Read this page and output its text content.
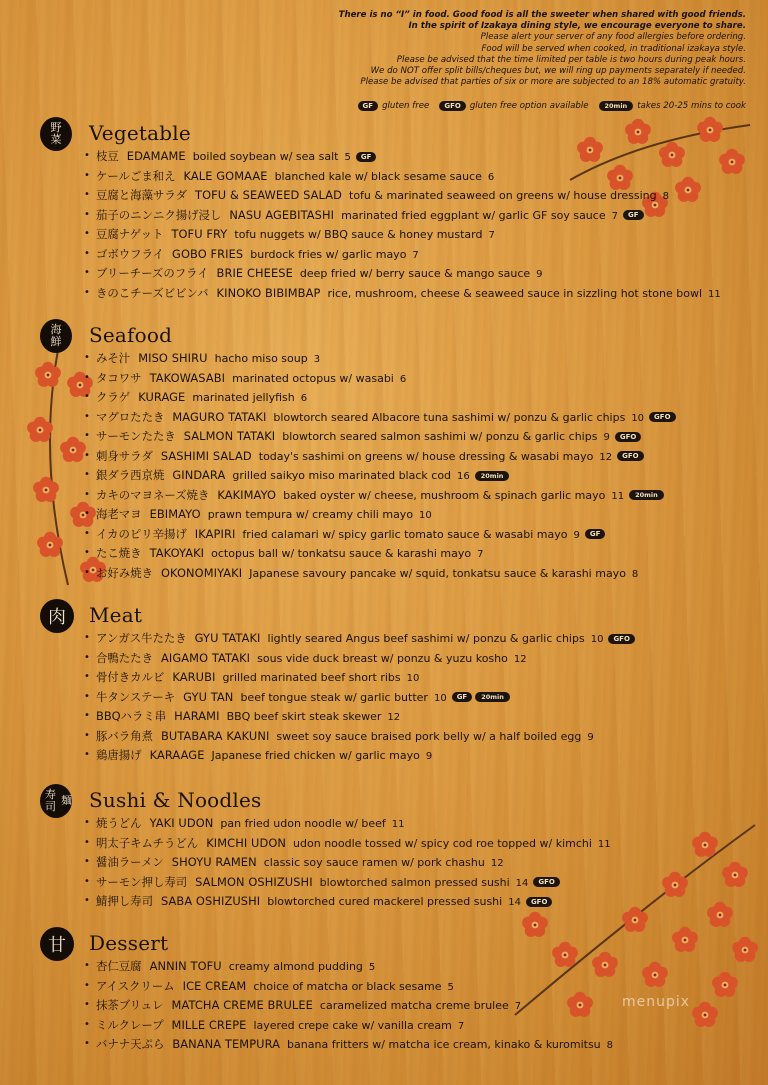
There is no “I” in food. Good food is all the sweeter when shared with good friends.
In the spirit of Izakaya dining style, we encourage everyone to share.
Please alert your server of any food allergies before ordering.
Food will be served when cooked, in traditional izakaya style.
Please be advised that the time limited per table is two hours during peak hours.
We do NOT offer split bills/cheques but, we will ring up payments separately if needed.
Please be advised that parties of six or more are subjected to an 18% automatic gratuity.
GF	gluten free	GFO	gluten free option available	20min	takes 20-25 mins to cook
野
菜 Vegetable
• 枝豆 EDAMAME boiled soybean w/ sea salt 5 GF
• ケールごま和え KALE GOMAAE blanched kale w/ black sesame sauce 6
• 豆腐と海藻サラダ TOFU & SEAWEED SALAD tofu & marinated seaweed on greens w/ house dressing 8
• 茄子のニンニク揚げ浸し NASU AGEBITASHI marinated fried eggplant w/ garlic GF soy sauce 7 GF
• 豆腐ナゲット TOFU FRY tofu nuggets w/ BBQ sauce & honey mustard 7
• ゴボウフライ GOBO FRIES burdock fries w/ garlic mayo 7
• ブリーチーズのフライ BRIE CHEESE deep fried w/ berry sauce & mango sauce 9
• きのこチーズビビンバ KINOKO BIBIMBAP rice, mushroom, cheese & seaweed sauce in sizzling hot stone bowl 11
海
鮮 Seafood
• みそ汁 MISO SHIRU hacho miso soup 3
• タコワサ TAKOWASABI marinated octopus w/ wasabi 6
• クラゲ KURAGE marinated jellyfish 6
• マグロたたき MAGURO TATAKI blowtorch seared Albacore tuna sashimi w/ ponzu & garlic chips 10 GFO
• サーモンたたき SALMON TATAKI blowtorch seared salmon sashimi w/ ponzu & garlic chips 9 GFO
• 刺身サラダ SASHIMI SALAD today's sashimi on greens w/ house dressing & wasabi mayo 12 GFO
• 銀ダラ西京焼 GINDARA grilled saikyo miso marinated black cod 16 20min
• カキのマヨネーズ焼き KAKIMAYO baked oyster w/ cheese, mushroom & spinach garlic mayo 11 20min
• 海老マヨ EBIMAYO prawn tempura w/ creamy chili mayo 10
• イカのピリ辛揚げ IKAPIRI fried calamari w/ spicy garlic tomato sauce & wasabi mayo 9 GF
• たこ焼き TAKOYAKI octopus ball w/ tonkatsu sauce & karashi mayo 7
• お好み焼き OKONOMIYAKI Japanese savoury pancake w/ squid, tonkatsu sauce & karashi mayo 8
肉	Meat
• アンガス牛たたき GYU TATAKI lightly seared Angus beef sashimi w/ ponzu & garlic chips 10 GFO
• 合鴨たたき AIGAMO TATAKI sous vide duck breast w/ ponzu & yuzu kosho 12
• 骨付きカルビ KARUBI grilled marinated beef short ribs 10
• 牛タンステーキ GYU TAN beef tongue steak w/ garlic butter 10 GF 20min
• BBQハラミ串 HARAMI BBQ beef skirt steak skewer 12
• 豚バラ角煮 BUTABARA KAKUNI sweet soy sauce braised pork belly w/ a half boiled egg 9
• 鶏唐揚げ KARAAGE Japanese fried chicken w/ garlic mayo 9
寿司 麺 Sushi & Noodles
• 焼うどん YAKI UDON pan fried udon noodle w/ beef 11
• 明太子キムチうどん KIMCHI UDON udon noodle tossed w/ spicy cod roe topped w/ kimchi 11
• 醤油ラーメン SHOYU RAMEN classic soy sauce ramen w/ pork chashu 12
• サーモン押し寿司 SALMON OSHIZUSHI blowtorched salmon pressed sushi 14 GFO
• 鯖押し寿司 SABA OSHIZUSHI blowtorched cured mackerel pressed sushi 14 GFO
甘	Dessert
• 杏仁豆腐 ANNIN TOFU creamy almond pudding 5
• アイスクリーム ICE CREAM choice of matcha or black sesame 5
• 抹茶ブリュレ MATCHA CREME BRULEE caramelized matcha creme brulee 7
• ミルクレープ MILLE CREPE layered crepe cake w/ vanilla cream 7
• バナナ天ぷら BANANA TEMPURA banana fritters w/ matcha ice cream, kinako & kuromitsu 8
menupix
